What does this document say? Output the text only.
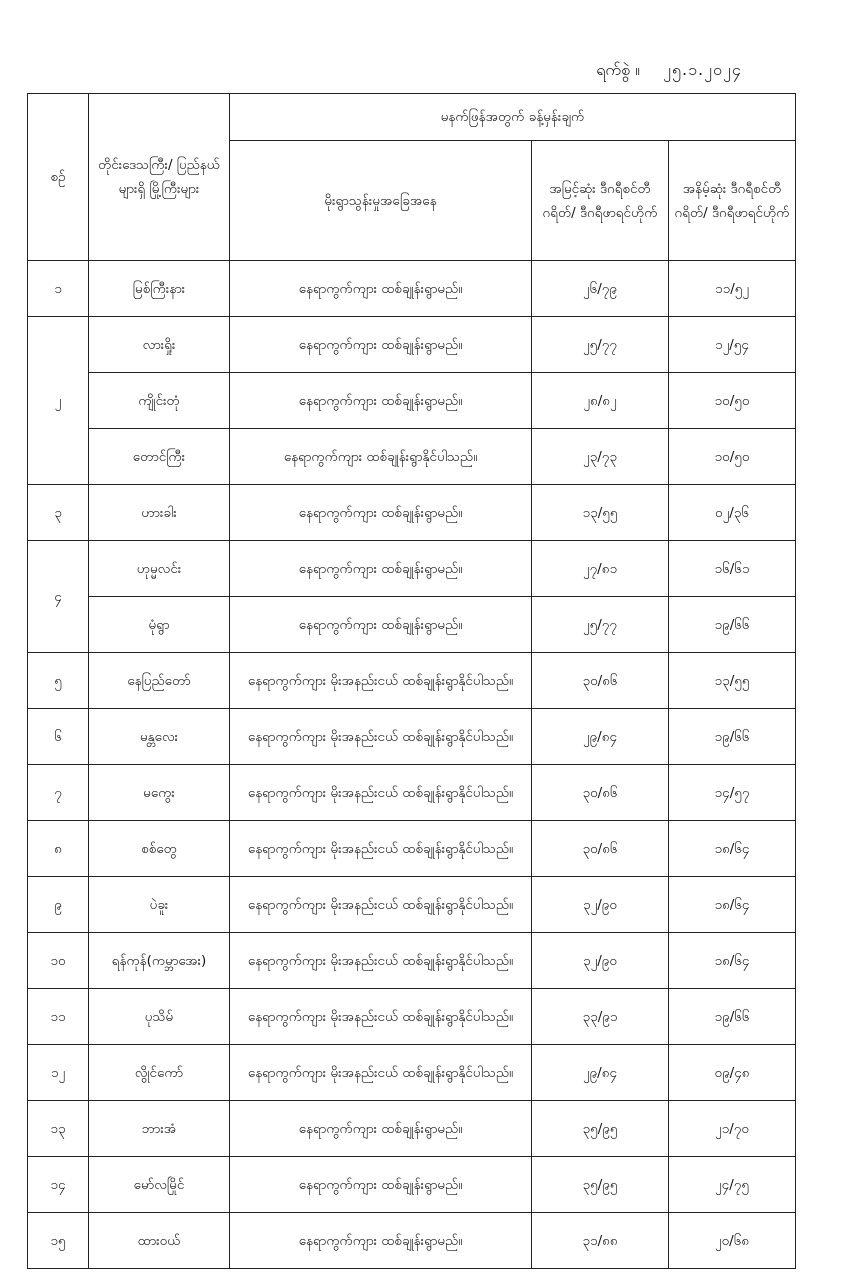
ရက်စွဲ ။ ၂၅.၁.၂၀၂၄
စဉ်	တိုင်းဒေသကြီး/ ပြည်နယ်များရှိ မြို့ကြီးများ	မနက်ဖြန်အတွက် ခန့်မှန်းချက်		
		မိုးရွာသွန်းမှုအခြေအနေ	အမြင့်ဆုံး ဒီဂရီစင်တီဂရိတ်/ ဒီဂရီဖာရင်ဟိုက်	အနိမ့်ဆုံး ဒီဂရီစင်တီဂရိတ်/ ဒီဂရီဖာရင်ဟိုက်
၁	မြစ်ကြီးနား	နေရာကွက်ကျား ထစ်ချုန်းရွာမည်။	၂၆/၇၉	၁၁/၅၂
၂	လားရှိုး	နေရာကွက်ကျား ထစ်ချုန်းရွာမည်။	၂၅/၇၇	၁၂/၅၄
	ကျိုင်းတုံ	နေရာကွက်ကျား ထစ်ချုန်းရွာမည်။	၂၈/၈၂	၁၀/၅၀
	တောင်ကြီး	နေရာကွက်ကျား ထစ်ချုန်းရွာနိုင်ပါသည်။	၂၃/၇၃	၁၀/၅၀
၃	ဟားခါး	နေရာကွက်ကျား ထစ်ချုန်းရွာမည်။	၁၃/၅၅	၀၂/၃၆
၄	ဟုမ္မလင်း	နေရာကွက်ကျား ထစ်ချုန်းရွာမည်။	၂၇/၈၁	၁၆/၆၁
	မုံရွာ	နေရာကွက်ကျား ထစ်ချုန်းရွာမည်။	၂၅/၇၇	၁၉/၆၆
၅	နေပြည်တော်	နေရာကွက်ကျား မိုးအနည်းငယ် ထစ်ချုန်းရွာနိုင်ပါသည်။	၃၀/၈၆	၁၃/၅၅
၆	မန္တလေး	နေရာကွက်ကျား မိုးအနည်းငယ် ထစ်ချုန်းရွာနိုင်ပါသည်။	၂၉/၈၄	၁၉/၆၆
၇	မကွေး	နေရာကွက်ကျား မိုးအနည်းငယ် ထစ်ချုန်းရွာနိုင်ပါသည်။	၃၀/၈၆	၁၄/၅၇
၈	စစ်တွေ	နေရာကွက်ကျား မိုးအနည်းငယ် ထစ်ချုန်းရွာနိုင်ပါသည်။	၃၀/၈၆	၁၈/၆၄
၉	ပဲခူး	နေရာကွက်ကျား မိုးအနည်းငယ် ထစ်ချုန်းရွာနိုင်ပါသည်။	၃၂/၉၀	၁၈/၆၄
၁၀	ရန်ကုန်(ကမ္ဘာအေး)	နေရာကွက်ကျား မိုးအနည်းငယ် ထစ်ချုန်းရွာနိုင်ပါသည်။	၃၂/၉၀	၁၈/၆၄
၁၁	ပုသိမ်	နေရာကွက်ကျား မိုးအနည်းငယ် ထစ်ချုန်းရွာနိုင်ပါသည်။	၃၃/၉၁	၁၉/၆၆
၁၂	လွိုင်ကော်	နေရာကွက်ကျား မိုးအနည်းငယ် ထစ်ချုန်းရွာနိုင်ပါသည်။	၂၉/၈၄	၀၉/၄၈
၁၃	ဘားအံ	နေရာကွက်ကျား ထစ်ချုန်းရွာမည်။	၃၅/၉၅	၂၁/၇၀
၁၄	မော်လမြိုင်	နေရာကွက်ကျား ထစ်ချုန်းရွာမည်။	၃၅/၉၅	၂၄/၇၅
၁၅	ထားဝယ်	နေရာကွက်ကျား ထစ်ချုန်းရွာမည်။	၃၁/၈၈	၂၀/၆၈
